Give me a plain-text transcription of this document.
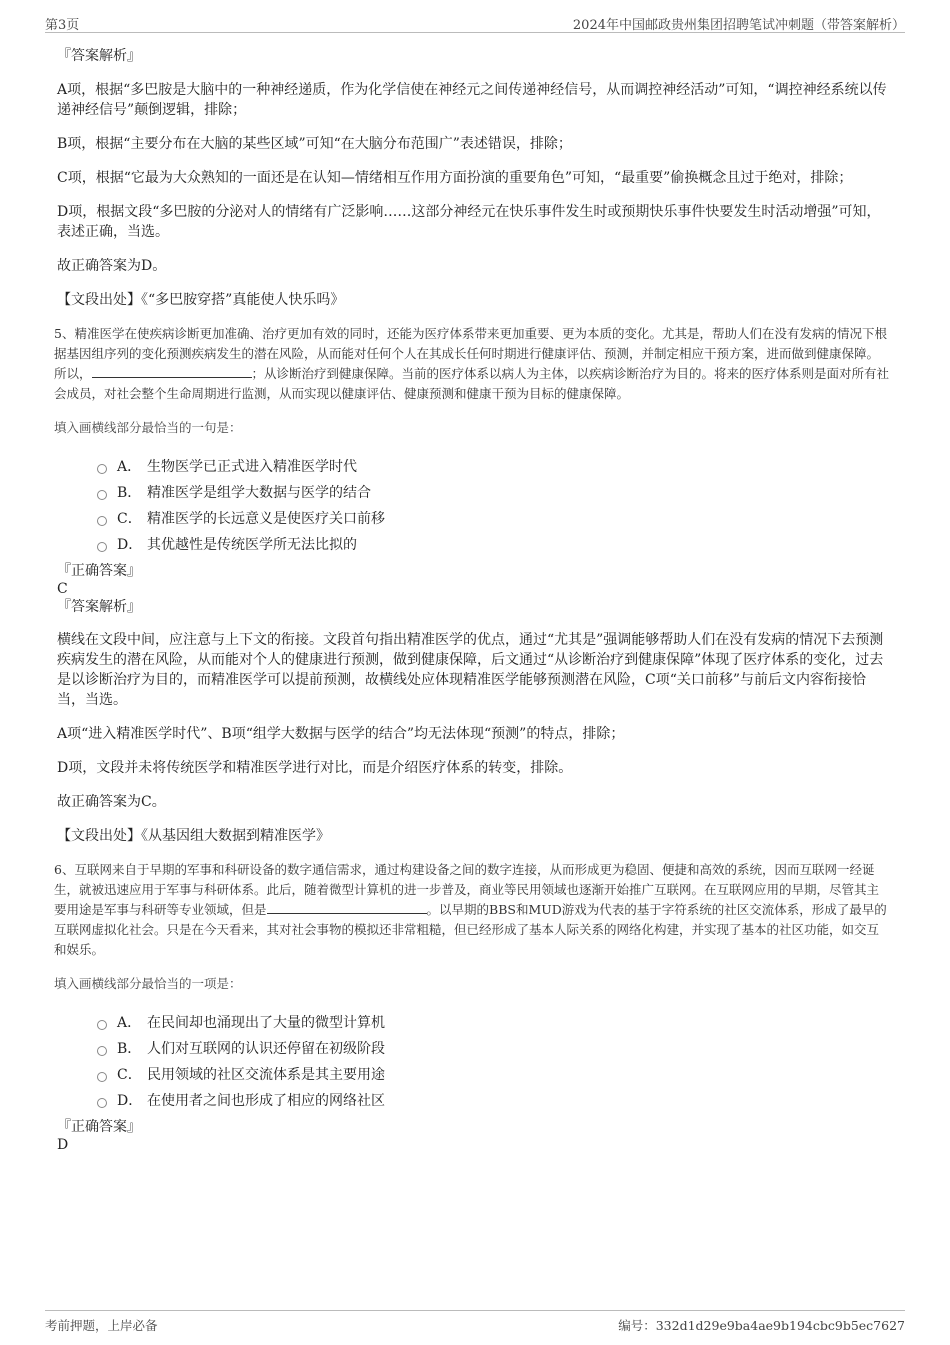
第3页	2024年中国邮政贵州集团招聘笔试冲刺题（带答案解析）

『答案解析』

A项，根据“多巴胺是大脑中的一种神经递质，作为化学信使在神经元之间传递神经信号，从而调控神经活动”可知，“调控神经系统以传递神经信号”颠倒逻辑，排除；

B项，根据“主要分布在大脑的某些区域”可知“在大脑分布范围广”表述错误，排除；

C项，根据“它最为大众熟知的一面还是在认知—情绪相互作用方面扮演的重要角色”可知，“最重要”偷换概念且过于绝对，排除；

D项，根据文段“多巴胺的分泌对人的情绪有广泛影响……这部分神经元在快乐事件发生时或预期快乐事件快要发生时活动增强”可知，表述正确，当选。

故正确答案为D。

【文段出处】《“多巴胺穿搭”真能使人快乐吗》

5、精准医学在使疾病诊断更加准确、治疗更加有效的同时，还能为医疗体系带来更加重要、更为本质的变化。尤其是，帮助人们在没有发病的情况下根据基因组序列的变化预测疾病发生的潜在风险，从而能对任何个人在其成长任何时期进行健康评估、预测，并制定相应干预方案，进而做到健康保障。所以，	；从诊断治疗到健康保障。当前的医疗体系以病人为主体，以疾病诊断治疗为目的。将来的医疗体系则是面对所有社会成员，对社会整个生命周期进行监测，从而实现以健康评估、健康预测和健康干预为目标的健康保障。

填入画横线部分最恰当的一句是：

A． 生物医学已正式进入精准医学时代
B． 精准医学是组学大数据与医学的结合
C． 精准医学的长远意义是使医疗关口前移
D． 其优越性是传统医学所无法比拟的

『正确答案』

C

『答案解析』

横线在文段中间，应注意与上下文的衔接。文段首句指出精准医学的优点，通过“尤其是”强调能够帮助人们在没有发病的情况下去预测疾病发生的潜在风险，从而能对个人的健康进行预测，做到健康保障，后文通过“从诊断治疗到健康保障”体现了医疗体系的变化，过去是以诊断治疗为目的，而精准医学可以提前预测，故横线处应体现精准医学能够预测潜在风险，C项“关口前移”与前后文内容衔接恰当，当选。

A项“进入精准医学时代”、B项“组学大数据与医学的结合”均无法体现“预测”的特点，排除；

D项，文段并未将传统医学和精准医学进行对比，而是介绍医疗体系的转变，排除。

故正确答案为C。

【文段出处】《从基因组大数据到精准医学》

6、互联网来自于早期的军事和科研设备的数字通信需求，通过构建设备之间的数字连接，从而形成更为稳固、便捷和高效的系统，因而互联网一经诞生，就被迅速应用于军事与科研体系。此后，随着微型计算机的进一步普及，商业等民用领域也逐渐开始推广互联网。在互联网应用的早期，尽管其主要用途是军事与科研等专业领域，但是	。以早期的BBS和MUD游戏为代表的基于字符系统的社区交流体系，形成了最早的互联网虚拟化社会。只是在今天看来，其对社会事物的模拟还非常粗糙，但已经形成了基本人际关系的网络化构建，并实现了基本的社区功能，如交互和娱乐。

填入画横线部分最恰当的一项是：

A． 在民间却也涌现出了大量的微型计算机
B． 人们对互联网的认识还停留在初级阶段
C． 民用领域的社区交流体系是其主要用途
D． 在使用者之间也形成了相应的网络社区

『正确答案』

D

考前押题，上岸必备	编号：332d1d29e9ba4ae9b194cbc9b5ec7627
